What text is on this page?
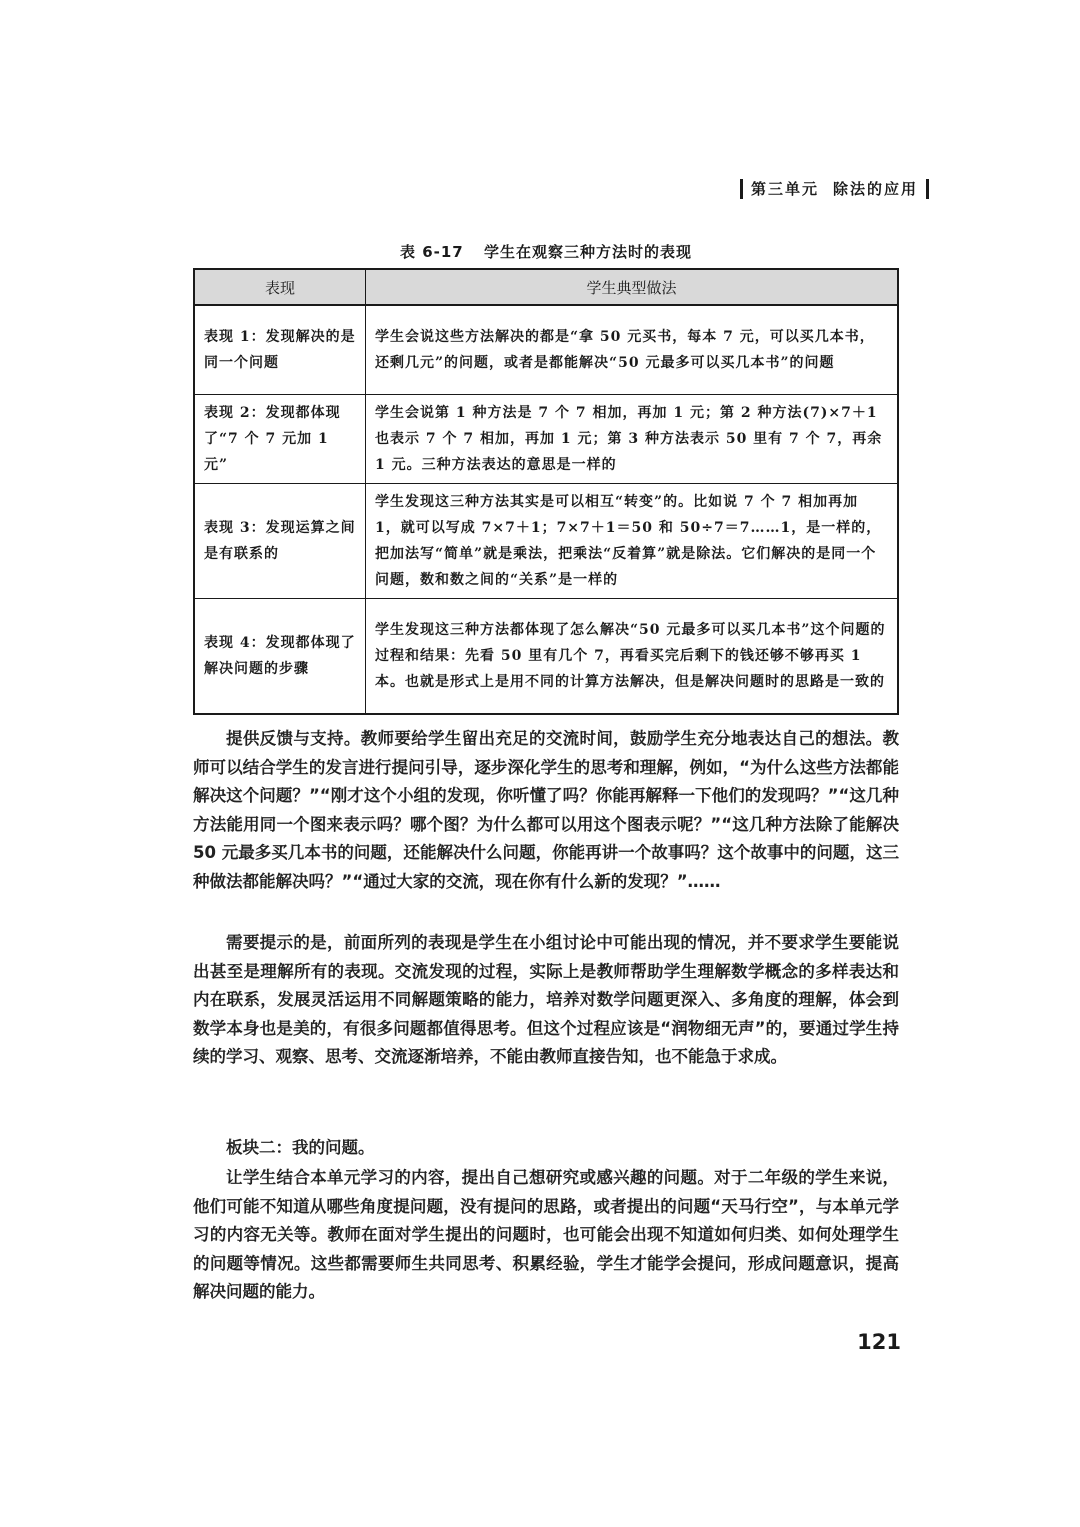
第三单元 除法的应用
表 6-17 学生在观察三种方法时的表现
表现	学生典型做法
表现 1：发现解决的是同一个问题	学生会说这些方法解决的都是“拿 50 元买书，每本 7 元，可以买几本书，还剩几元”的问题，或者是都能解决“50 元最多可以买几本书”的问题
表现 2：发现都体现了“7 个 7 元加 1 元”	学生会说第 1 种方法是 7 个 7 相加，再加 1 元；第 2 种方法(7)×7＋1 也表示 7 个 7 相加，再加 1 元；第 3 种方法表示 50 里有 7 个 7，再余 1 元。三种方法表达的意思是一样的
表现 3：发现运算之间是有联系的	学生发现这三种方法其实是可以相互“转变”的。比如说 7 个 7 相加再加 1，就可以写成 7×7＋1；7×7＋1＝50 和 50÷7＝7……1，是一样的，把加法写“简单”就是乘法，把乘法“反着算”就是除法。它们解决的是同一个问题，数和数之间的“关系”是一样的
表现 4：发现都体现了解决问题的步骤	学生发现这三种方法都体现了怎么解决“50 元最多可以买几本书”这个问题的过程和结果：先看 50 里有几个 7，再看买完后剩下的钱还够不够再买 1 本。也就是形式上是用不同的计算方法解决，但是解决问题时的思路是一致的

提供反馈与支持。教师要给学生留出充足的交流时间，鼓励学生充分地表达自己的想法。教师可以结合学生的发言进行提问引导，逐步深化学生的思考和理解，例如，“为什么这些方法都能解决这个问题？”“刚才这个小组的发现，你听懂了吗？你能再解释一下他们的发现吗？”“这几种方法能用同一个图来表示吗？哪个图？为什么都可以用这个图表示呢？”“这几种方法除了能解决 50 元最多买几本书的问题，还能解决什么问题，你能再讲一个故事吗？这个故事中的问题，这三种做法都能解决吗？”“通过大家的交流，现在你有什么新的发现？”……

需要提示的是，前面所列的表现是学生在小组讨论中可能出现的情况，并不要求学生要能说出甚至是理解所有的表现。交流发现的过程，实际上是教师帮助学生理解数学概念的多样表达和内在联系，发展灵活运用不同解题策略的能力，培养对数学问题更深入、多角度的理解，体会到数学本身也是美的，有很多问题都值得思考。但这个过程应该是“润物细无声”的，要通过学生持续的学习、观察、思考、交流逐渐培养，不能由教师直接告知，也不能急于求成。

板块二：我的问题。

让学生结合本单元学习的内容，提出自己想研究或感兴趣的问题。对于二年级的学生来说，他们可能不知道从哪些角度提问题，没有提问的思路，或者提出的问题“天马行空”，与本单元学习的内容无关等。教师在面对学生提出的问题时，也可能会出现不知道如何归类、如何处理学生的问题等情况。这些都需要师生共同思考、积累经验，学生才能学会提问，形成问题意识，提高解决问题的能力。

121
